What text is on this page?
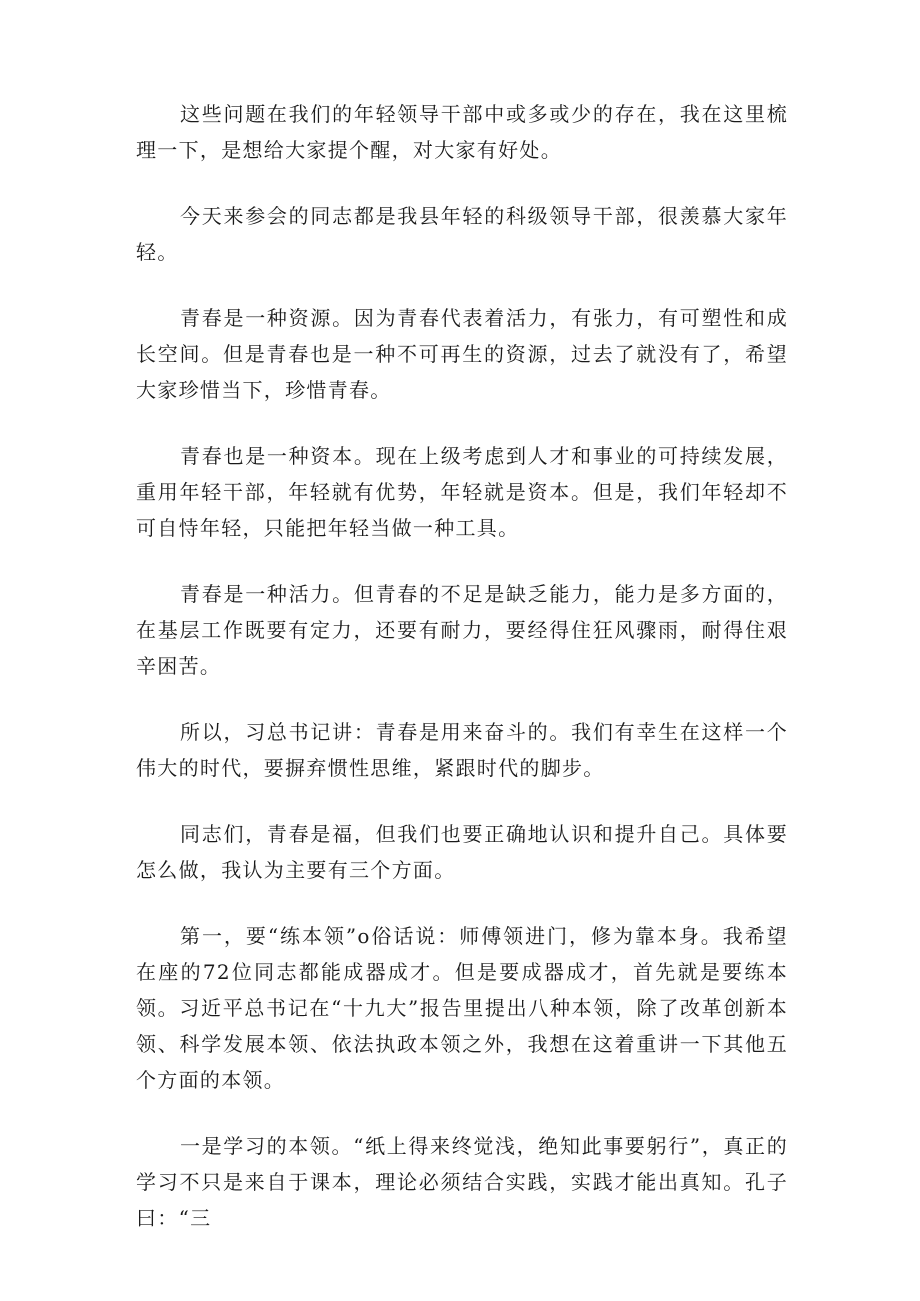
这些问题在我们的年轻领导干部中或多或少的存在，我在这里梳理一下，是想给大家提个醒，对大家有好处。

今天来参会的同志都是我县年轻的科级领导干部，很羡慕大家年轻。

青春是一种资源。因为青春代表着活力，有张力，有可塑性和成长空间。但是青春也是一种不可再生的资源，过去了就没有了，希望大家珍惜当下，珍惜青春。

青春也是一种资本。现在上级考虑到人才和事业的可持续发展，重用年轻干部，年轻就有优势，年轻就是资本。但是，我们年轻却不可自恃年轻，只能把年轻当做一种工具。

青春是一种活力。但青春的不足是缺乏能力，能力是多方面的，在基层工作既要有定力，还要有耐力，要经得住狂风骤雨，耐得住艰辛困苦。

所以，习总书记讲：青春是用来奋斗的。我们有幸生在这样一个伟大的时代，要摒弃惯性思维，紧跟时代的脚步。

同志们，青春是福，但我们也要正确地认识和提升自己。具体要怎么做，我认为主要有三个方面。

第一，要“练本领”o俗话说：师傅领进门，修为靠本身。我希望在座的72位同志都能成器成才。但是要成器成才，首先就是要练本领。习近平总书记在“十九大”报告里提出八种本领，除了改革创新本领、科学发展本领、依法执政本领之外，我想在这着重讲一下其他五个方面的本领。

一是学习的本领。“纸上得来终觉浅，绝知此事要躬行”，真正的学习不只是来自于课本，理论必须结合实践，实践才能出真知。孔子曰：“三
